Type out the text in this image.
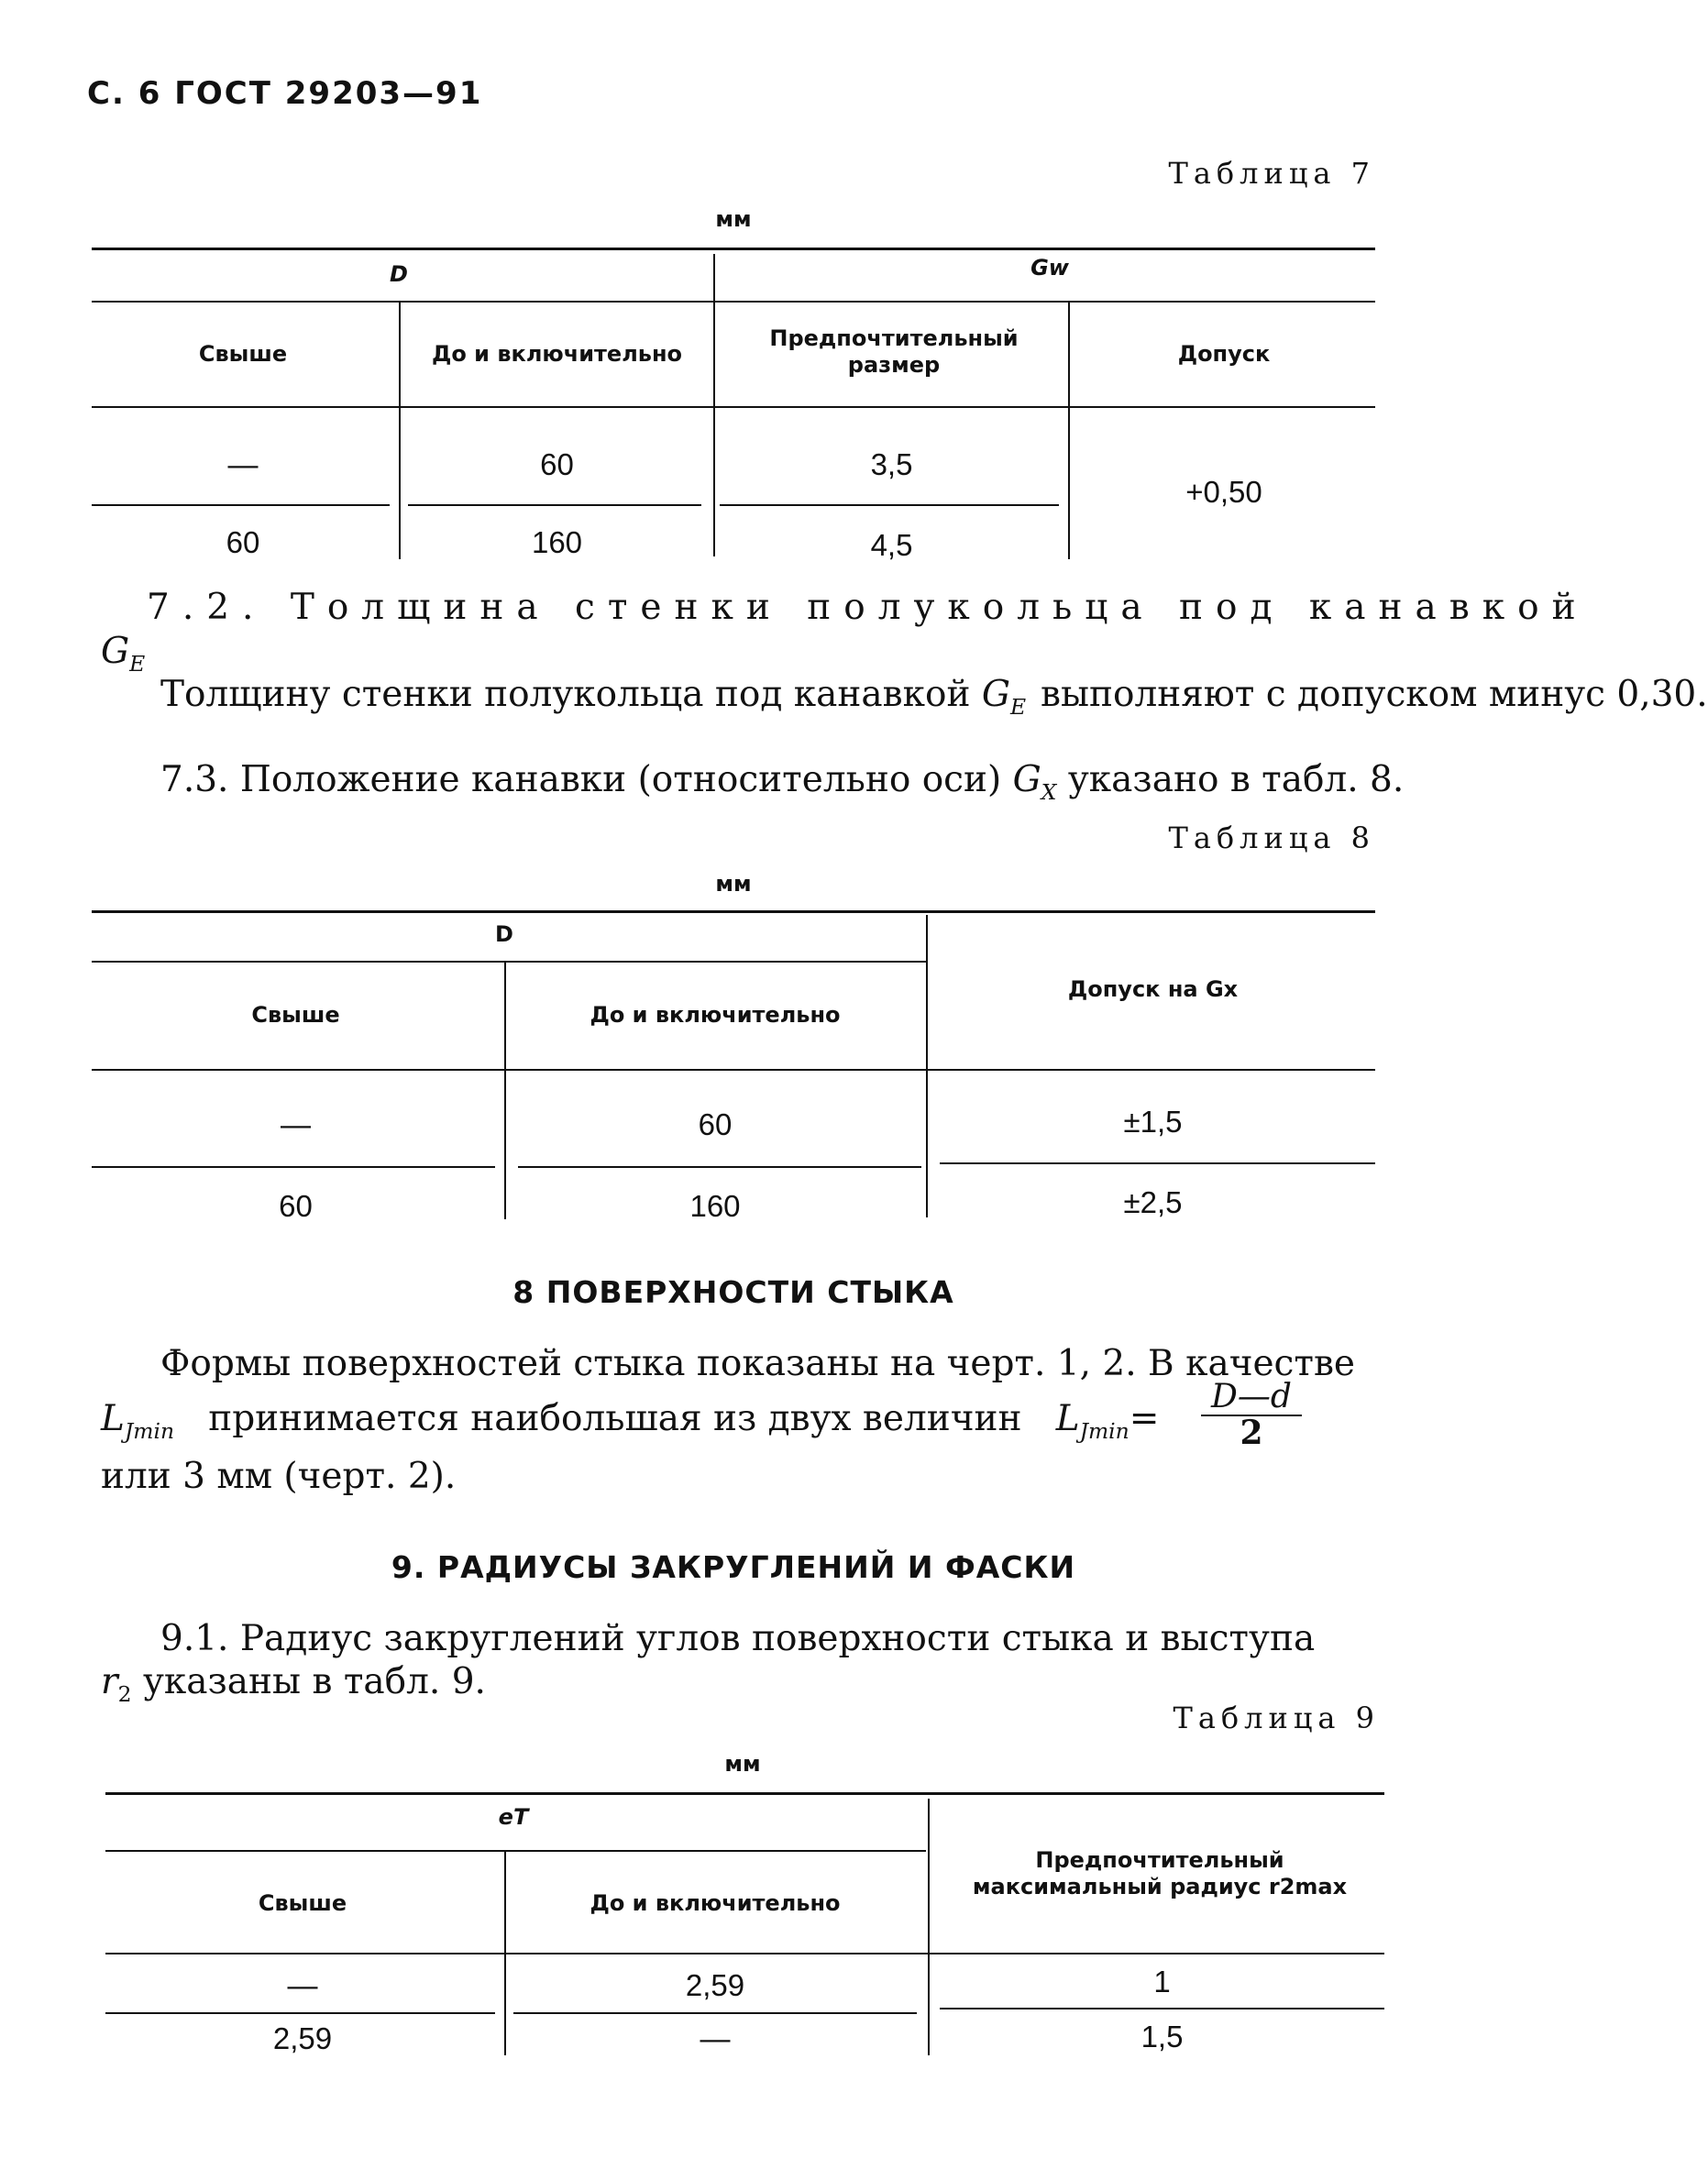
С. 6 ГОСТ 29203—91
Таблица 7
мм
D	Gw
Свыше	До и включительно
Предпочтительный размер	Допуск
—	60	3,5
60	160	4,5
+0,50
7.2. Толщина стенки полукольца под канавкой
$G_E$
Толщину стенки полукольца под канавкой $G_E$ выполняют с допуском минус 0,30.
7.3. Положение канавки (относительно оси) $G_X$ указано в табл. 8.
Таблица 8
мм
D
Свыше	До и включительно
Допуск на Gx
—	60	±1,5
60	160	±2,5
8 ПОВЕРХНОСТИ СТЫКА
Формы поверхностей стыка показаны на черт. 1, 2. В качестве
$L_{Jmin}$ принимается наибольшая из двух величин $L_{Jmin}=$
D—d
2
или 3 мм (черт. 2).
9. РАДИУСЫ ЗАКРУГЛЕНИЙ И ФАСКИ
9.1. Радиус закруглений углов поверхности стыка и выступа
$r_2$ указаны в табл. 9.
Таблица 9
мм
eT
Свыше	До и включительно
Предпочтительный максимальный радиус r2max
—	2,59	1
2,59	—	1,5
